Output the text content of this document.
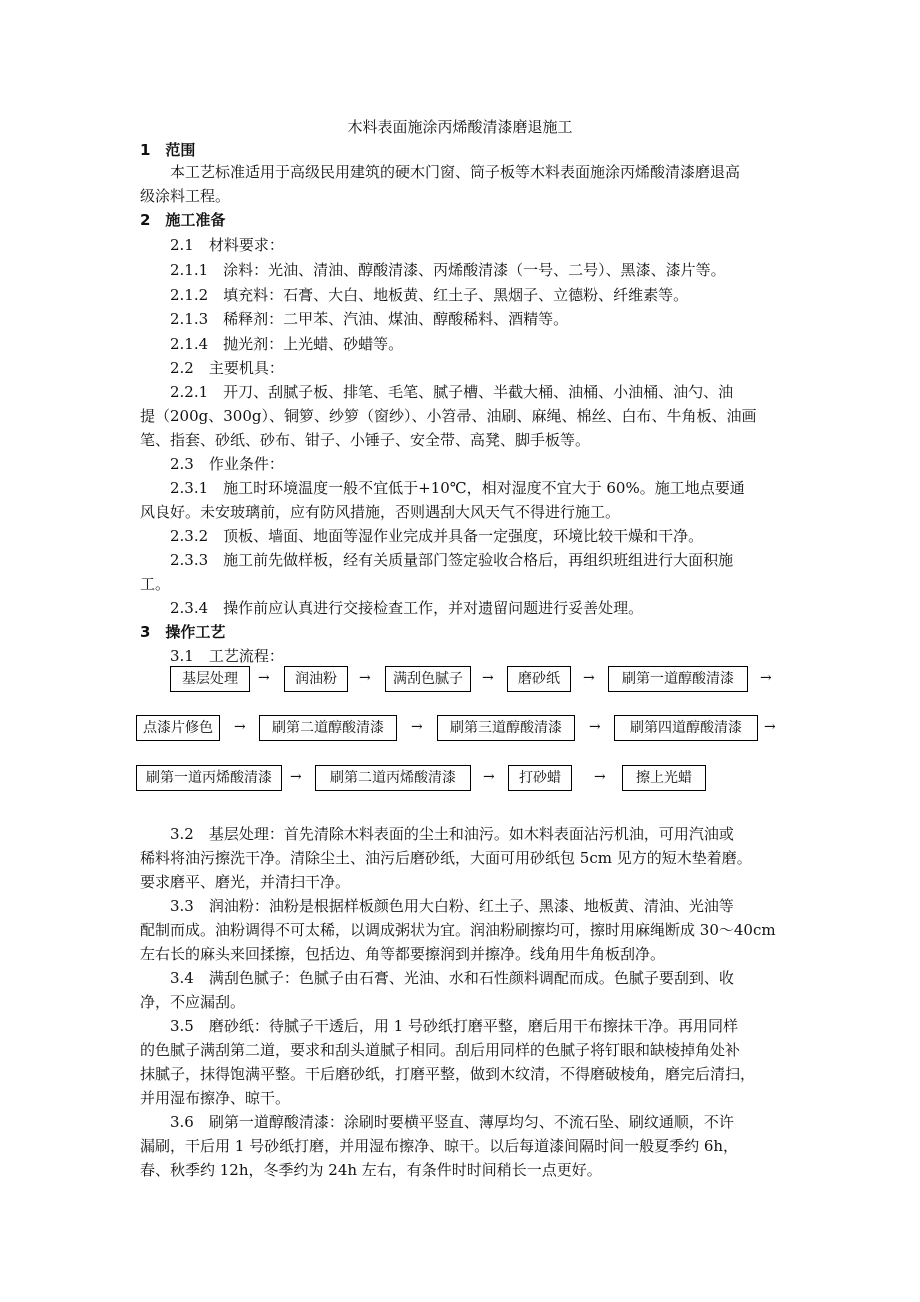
木料表面施涂丙烯酸清漆磨退施工
1　范围
本工艺标准适用于高级民用建筑的硬木门窗、筒子板等木料表面施涂丙烯酸清漆磨退高
级涂料工程。
2　施工准备
2.1　材料要求：
2.1.1　涂料：光油、清油、醇酸清漆、丙烯酸清漆（一号、二号）、黑漆、漆片等。
2.1.2　填充料：石膏、大白、地板黄、红土子、黑烟子、立德粉、纤维素等。
2.1.3　稀释剂：二甲苯、汽油、煤油、醇酸稀料、酒精等。
2.1.4　抛光剂：上光蜡、砂蜡等。
2.2　主要机具：
2.2.1　开刀、刮腻子板、排笔、毛笔、腻子槽、半截大桶、油桶、小油桶、油勺、油
提（200g、300g）、铜箩、纱箩（窗纱）、小笤帚、油刷、麻绳、棉丝、白布、牛角板、油画
笔、指套、砂纸、砂布、钳子、小锤子、安全带、高凳、脚手板等。
2.3　作业条件：
2.3.1　施工时环境温度一般不宜低于+10℃，相对湿度不宜大于 60%。施工地点要通
风良好。未安玻璃前，应有防风措施，否则遇刮大风天气不得进行施工。
2.3.2　顶板、墙面、地面等湿作业完成并具备一定强度，环境比较干燥和干净。
2.3.3　施工前先做样板，经有关质量部门签定验收合格后，再组织班组进行大面积施
工。
2.3.4　操作前应认真进行交接检查工作，并对遗留问题进行妥善处理。
3　操作工艺
3.1　工艺流程：
基层处理	→	润油粉	→	满刮色腻子	→	磨砂纸	→	刷第一道醇酸清漆	→
点漆片修色	→	刷第二道醇酸清漆	→	刷第三道醇酸清漆	→	刷第四道醇酸清漆	→
刷第一道丙烯酸清漆	→	刷第二道丙烯酸清漆	→	打砂蜡	→	擦上光蜡
3.2　基层处理：首先清除木料表面的尘土和油污。如木料表面沾污机油，可用汽油或
稀料将油污擦洗干净。清除尘土、油污后磨砂纸，大面可用砂纸包 5cm 见方的短木垫着磨。
要求磨平、磨光，并清扫干净。
3.3　润油粉：油粉是根据样板颜色用大白粉、红土子、黑漆、地板黄、清油、光油等
配制而成。油粉调得不可太稀，以调成粥状为宜。润油粉刷擦均可，擦时用麻绳断成 30～40cm
左右长的麻头来回揉擦，包括边、角等都要擦润到并擦净。线角用牛角板刮净。
3.4　满刮色腻子：色腻子由石膏、光油、水和石性颜料调配而成。色腻子要刮到、收
净，不应漏刮。
3.5　磨砂纸：待腻子干透后，用 1 号砂纸打磨平整，磨后用干布擦抹干净。再用同样
的色腻子满刮第二道，要求和刮头道腻子相同。刮后用同样的色腻子将钉眼和缺棱掉角处补
抹腻子，抹得饱满平整。干后磨砂纸，打磨平整，做到木纹清，不得磨破棱角，磨完后清扫，
并用湿布擦净、晾干。
3.6　刷第一道醇酸清漆：涂刷时要横平竖直、薄厚均匀、不流石坠、刷纹通顺，不许
漏刷，干后用 1 号砂纸打磨，并用湿布擦净、晾干。以后每道漆间隔时间一般夏季约 6h，
春、秋季约 12h，冬季约为 24h 左右，有条件时时间稍长一点更好。
